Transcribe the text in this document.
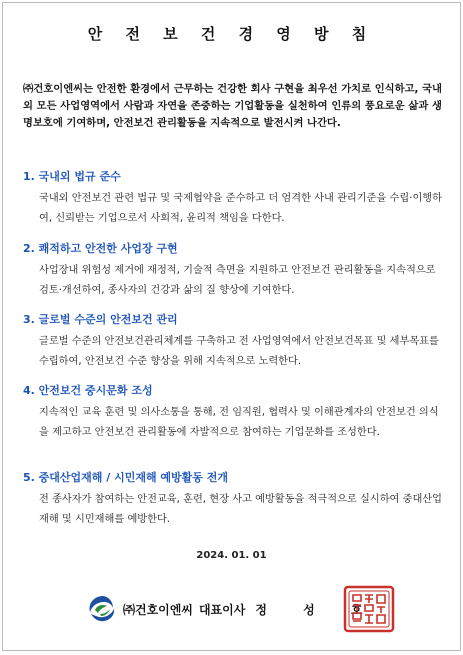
안 전 보 건 경 영 방 침
㈜건호이엔씨는 안전한 환경에서 근무하는 건강한 회사 구현을 최우선 가치로 인식하고, 국내외 모든 사업영역에서 사람과 자연을 존중하는 기업활동을 실천하여 인류의 풍요로운 삶과 생명보호에 기여하며, 안전보건 관리활동을 지속적으로 발전시켜 나간다.
1. 국내외 법규 준수
국내외 안전보건 관련 법규 및 국제협약을 준수하고 더 엄격한 사내 관리기준을 수립·이행하여, 신뢰받는 기업으로서 사회적, 윤리적 책임을 다한다.
2. 쾌적하고 안전한 사업장 구현
사업장내 위험성 제거에 재정적, 기술적 측면을 지원하고 안전보건 관리활동을 지속적으로 검토·개선하여, 종사자의 건강과 삶의 질 향상에 기여한다.
3. 글로벌 수준의 안전보건 관리
글로벌 수준의 안전보건관리체계를 구축하고 전 사업영역에서 안전보건목표 및 세부목표를 수립하여, 안전보건 수준 향상을 위해 지속적으로 노력한다.
4. 안전보건 중시문화 조성
지속적인 교육 훈련 및 의사소통을 통해, 전 임직원, 협력사 및 이해관계자의 안전보건 의식을 제고하고 안전보건 관리활동에 자발적으로 참여하는 기업문화를 조성한다.
5. 중대산업재해 / 시민재해 예방활동 전개
전 종사자가 참여하는 안전교육, 훈련, 현장 사고 예방활동을 적극적으로 실시하여 중대산업재해 및 시민재해를 예방한다.
2024. 01. 01
㈜건호이엔씨 대표이사 정 성 호
